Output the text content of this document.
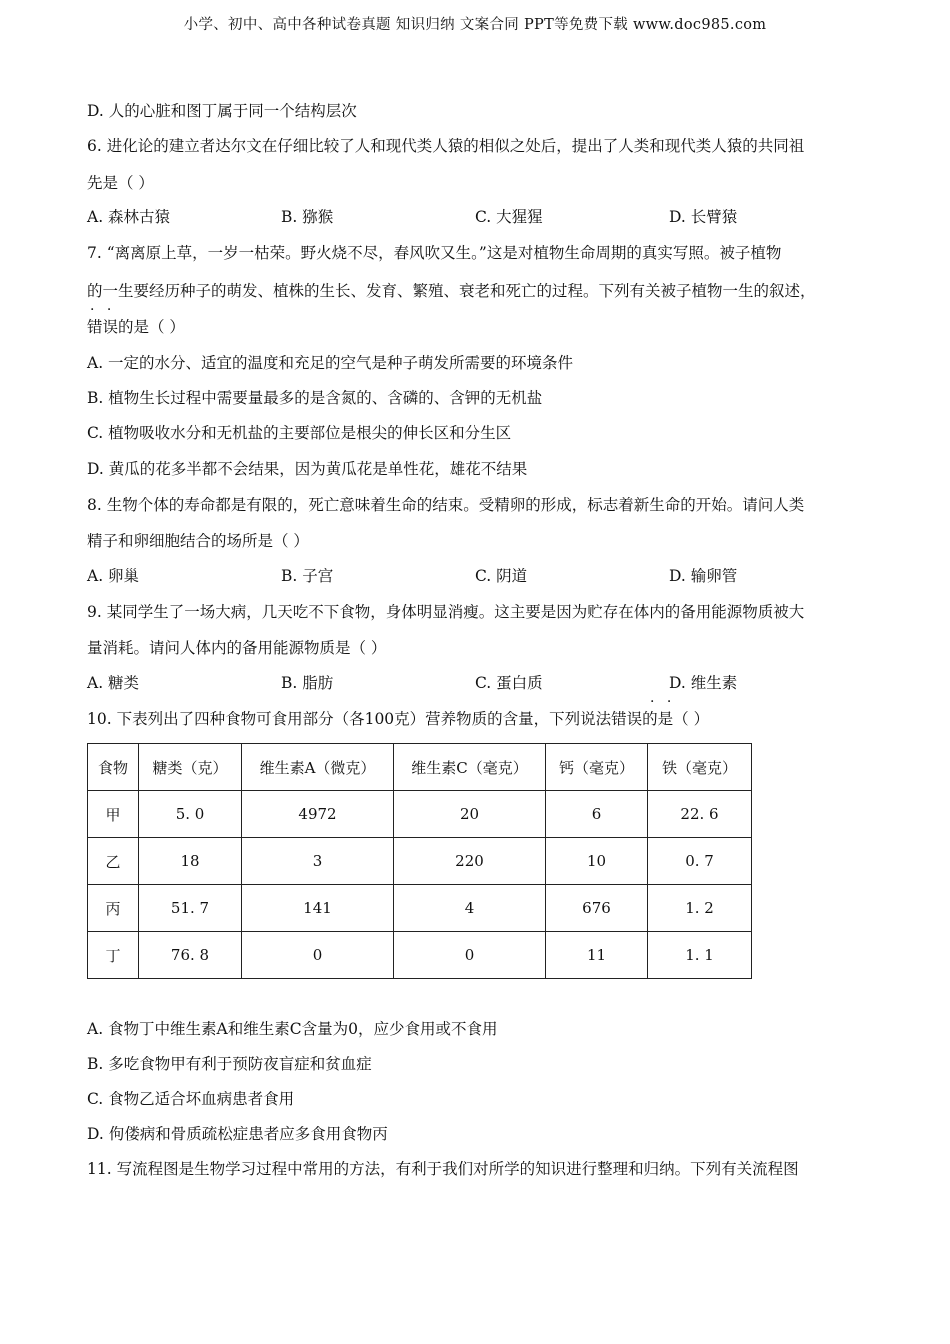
小学、初中、高中各种试卷真题 知识归纳 文案合同 PPT等免费下载 www.doc985.com
D. 人的心脏和图丁属于同一个结构层次
6. 进化论的建立者达尔文在仔细比较了人和现代类人猿的相似之处后，提出了人类和现代类人猿的共同祖
先是（ ）
A. 森林古猿	B. 猕猴	C. 大猩猩	D. 长臂猿
7. “离离原上草，一岁一枯荣。野火烧不尽，春风吹又生。”这是对植物生命周期的真实写照。被子植物
的一生要经历种子的萌发、植株的生长、发育、繁殖、衰老和死亡的过程。下列有关被子植物一生的叙述，
· ·
错误的是（ ）
A. 一定的水分、适宜的温度和充足的空气是种子萌发所需要的环境条件
B. 植物生长过程中需要量最多的是含氮的、含磷的、含钾的无机盐
C. 植物吸收水分和无机盐的主要部位是根尖的伸长区和分生区
D. 黄瓜的花多半都不会结果，因为黄瓜花是单性花，雄花不结果
8. 生物个体的寿命都是有限的，死亡意味着生命的结束。受精卵的形成，标志着新生命的开始。请问人类
精子和卵细胞结合的场所是（ ）
A. 卵巢	B. 子宫	C. 阴道	D. 输卵管
9. 某同学生了一场大病，几天吃不下食物，身体明显消瘦。这主要是因为贮存在体内的备用能源物质被大
量消耗。请问人体内的备用能源物质是（ ）
A. 糖类	B. 脂肪	C. 蛋白质	D. 维生素
· ·
10. 下表列出了四种食物可食用部分（各100克）营养物质的含量，下列说法错误的是（ ）
食物	糖类（克）	维生素A（微克）	维生素C（毫克）	钙（毫克）	铁（毫克）
甲	5. 0	4972	20	6	22. 6
乙	18	3	220	10	0. 7
丙	51. 7	141	4	676	1. 2
丁	76. 8	0	0	11	1. 1
A. 食物丁中维生素A和维生素C含量为0，应少食用或不食用
B. 多吃食物甲有利于预防夜盲症和贫血症
C. 食物乙适合坏血病患者食用
D. 佝偻病和骨质疏松症患者应多食用食物丙
11. 写流程图是生物学习过程中常用的方法，有利于我们对所学的知识进行整理和归纳。下列有关流程图
